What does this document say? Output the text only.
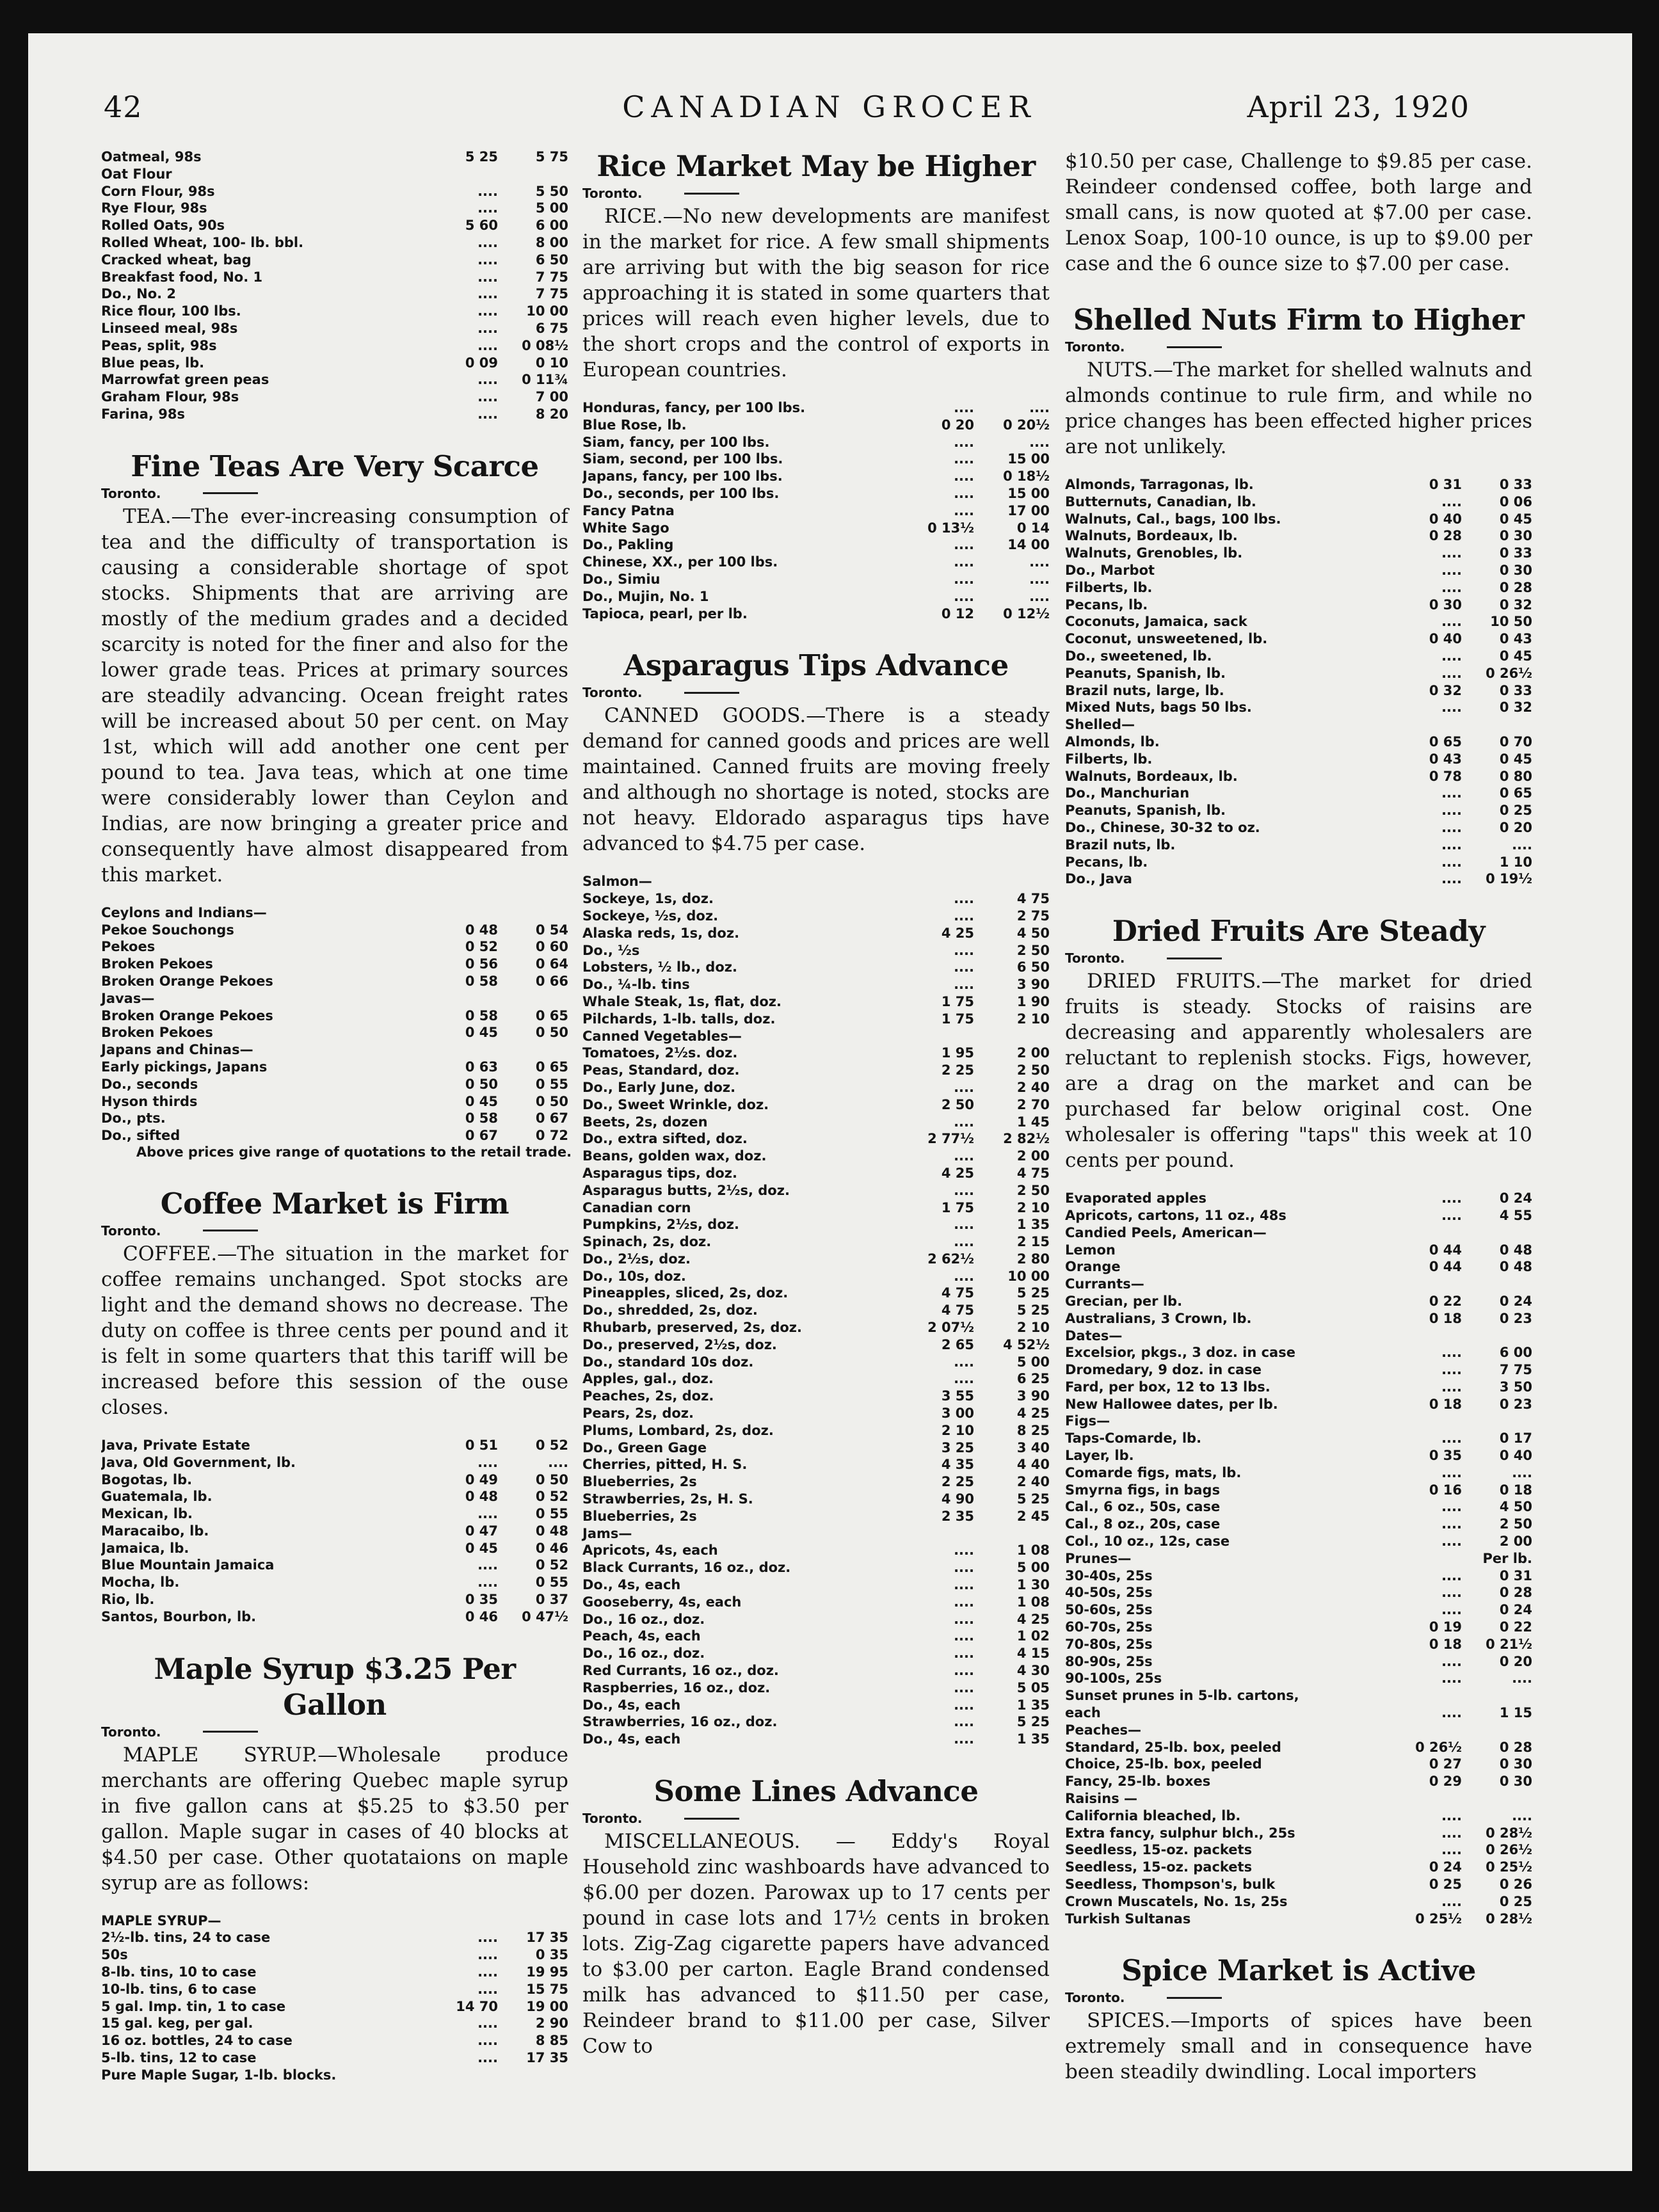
42	CANADIAN GROCER	April 23, 1920
Oatmeal, 98s	5 25	5 75
Oat Flour		
Corn Flour, 98s	....	5 50
Rye Flour, 98s	....	5 00
Rolled Oats, 90s	5 60	6 00
Rolled Wheat, 100- lb. bbl.	....	8 00
Cracked wheat, bag	....	6 50
Breakfast food, No. 1	....	7 75
Do., No. 2	....	7 75
Rice flour, 100 lbs.	....	10 00
Linseed meal, 98s	....	6 75
Peas, split, 98s	....	0 08½
Blue peas, lb.	0 09	0 10
Marrowfat green peas	....	0 11¾
Graham Flour, 98s	....	7 00
Farina, 98s	....	8 20
Fine Teas Are Very Scarce
Toronto.

TEA.—The ever-increasing consumption of tea and the difficulty of transportation is causing a considerable shortage of spot stocks. Shipments that are arriving are mostly of the medium grades and a decided scarcity is noted for the finer and also for the lower grade teas. Prices at primary sources are steadily advancing. Ocean freight rates will be increased about 50 per cent. on May 1st, which will add another one cent per pound to tea. Java teas, which at one time were considerably lower than Ceylon and Indias, are now bringing a greater price and consequently have almost disappeared from this market.

Ceylons and Indians—		
Pekoe Souchongs	0 48	0 54
Pekoes	0 52	0 60
Broken Pekoes	0 56	0 64
Broken Orange Pekoes	0 58	0 66
Javas—		
Broken Orange Pekoes	0 58	0 65
Broken Pekoes	0 45	0 50
Japans and Chinas—		
Early pickings, Japans	0 63	0 65
Do., seconds	0 50	0 55
Hyson thirds	0 45	0 50
Do., pts.	0 58	0 67
Do., sifted	0 67	0 72
Above prices give range of quotations to the retail trade.
Coffee Market is Firm
Toronto.

COFFEE.—The situation in the market for coffee remains unchanged. Spot stocks are light and the demand shows no decrease. The duty on coffee is three cents per pound and it is felt in some quarters that this tariff will be increased before this session of the ouse closes.

Java, Private Estate	0 51	0 52
Java, Old Government, lb.	....	....
Bogotas, lb.	0 49	0 50
Guatemala, lb.	0 48	0 52
Mexican, lb.	....	0 55
Maracaibo, lb.	0 47	0 48
Jamaica, lb.	0 45	0 46
Blue Mountain Jamaica	....	0 52
Mocha, lb.	....	0 55
Rio, lb.	0 35	0 37
Santos, Bourbon, lb.	0 46	0 47½
Maple Syrup $3.25 Per Gallon
Toronto.

MAPLE SYRUP.—Wholesale produce merchants are offering Quebec maple syrup in five gallon cans at $5.25 to $3.50 per gallon. Maple sugar in cases of 40 blocks at $4.50 per case. Other quotataions on maple syrup are as follows:

MAPLE SYRUP—		
2½-lb. tins, 24 to case	....	17 35
50s	....	0 35
8-lb. tins, 10 to case	....	19 95
10-lb. tins, 6 to case	....	15 75
5 gal. Imp. tin, 1 to case	14 70	19 00
15 gal. keg, per gal.	....	2 90
16 oz. bottles, 24 to case	....	8 85
5-lb. tins, 12 to case	....	17 35
Pure Maple Sugar, 1-lb. blocks.		
Rice Market May be Higher
Toronto.

RICE.—No new developments are manifest in the market for rice. A few small shipments are arriving but with the big season for rice approaching it is stated in some quarters that prices will reach even higher levels, due to the short crops and the control of exports in European countries.

Honduras, fancy, per 100 lbs.	....	....
Blue Rose, lb.	0 20	0 20½
Siam, fancy, per 100 lbs.	....	....
Siam, second, per 100 lbs.	....	15 00
Japans, fancy, per 100 lbs.	....	0 18½
Do., seconds, per 100 lbs.	....	15 00
Fancy Patna	....	17 00
White Sago	0 13½	0 14
Do., Pakling	....	14 00
Chinese, XX., per 100 lbs.	....	....
Do., Simiu	....	....
Do., Mujin, No. 1	....	....
Tapioca, pearl, per lb.	0 12	0 12½
Asparagus Tips Advance
Toronto.

CANNED GOODS.—There is a steady demand for canned goods and prices are well maintained. Canned fruits are moving freely and although no shortage is noted, stocks are not heavy. Eldorado asparagus tips have advanced to $4.75 per case.

Salmon—		
Sockeye, 1s, doz.	....	4 75
Sockeye, ½s, doz.	....	2 75
Alaska reds, 1s, doz.	4 25	4 50
Do., ½s	....	2 50
Lobsters, ½ lb., doz.	....	6 50
Do., ¼-lb. tins	....	3 90
Whale Steak, 1s, flat, doz.	1 75	1 90
Pilchards, 1-lb. talls, doz.	1 75	2 10
Canned Vegetables—		
Tomatoes, 2½s. doz.	1 95	2 00
Peas, Standard, doz.	2 25	2 50
Do., Early June, doz.	....	2 40
Do., Sweet Wrinkle, doz.	2 50	2 70
Beets, 2s, dozen	....	1 45
Do., extra sifted, doz.	2 77½	2 82½
Beans, golden wax, doz.	....	2 00
Asparagus tips, doz.	4 25	4 75
Asparagus butts, 2½s, doz.	....	2 50
Canadian corn	1 75	2 10
Pumpkins, 2½s, doz.	....	1 35
Spinach, 2s, doz.	....	2 15
Do., 2½s, doz.	2 62½	2 80
Do., 10s, doz.	....	10 00
Pineapples, sliced, 2s, doz.	4 75	5 25
Do., shredded, 2s, doz.	4 75	5 25
Rhubarb, preserved, 2s, doz.	2 07½	2 10
Do., preserved, 2½s, doz.	2 65	4 52½
Do., standard 10s doz.	....	5 00
Apples, gal., doz.	....	6 25
Peaches, 2s, doz.	3 55	3 90
Pears, 2s, doz.	3 00	4 25
Plums, Lombard, 2s, doz.	2 10	8 25
Do., Green Gage	3 25	3 40
Cherries, pitted, H. S.	4 35	4 40
Blueberries, 2s	2 25	2 40
Strawberries, 2s, H. S.	4 90	5 25
Blueberries, 2s	2 35	2 45
Jams—		
Apricots, 4s, each	....	1 08
Black Currants, 16 oz., doz.	....	5 00
Do., 4s, each	....	1 30
Gooseberry, 4s, each	....	1 08
Do., 16 oz., doz.	....	4 25
Peach, 4s, each	....	1 02
Do., 16 oz., doz.	....	4 15
Red Currants, 16 oz., doz.	....	4 30
Raspberries, 16 oz., doz.	....	5 05
Do., 4s, each	....	1 35
Strawberries, 16 oz., doz.	....	5 25
Do., 4s, each	....	1 35
Some Lines Advance
Toronto.

MISCELLANEOUS. — Eddy's Royal Household zinc washboards have advanced to $6.00 per dozen. Parowax up to 17 cents per pound in case lots and 17½ cents in broken lots. Zig-Zag cigarette papers have advanced to $3.00 per carton. Eagle Brand condensed milk has advanced to $11.50 per case, Reindeer brand to $11.00 per case, Silver Cow to

$10.50 per case, Challenge to $9.85 per case. Reindeer condensed coffee, both large and small cans, is now quoted at $7.00 per case. Lenox Soap, 100-10 ounce, is up to $9.00 per case and the 6 ounce size to $7.00 per case.

Shelled Nuts Firm to Higher
Toronto.

NUTS.—The market for shelled walnuts and almonds continue to rule firm, and while no price changes has been effected higher prices are not unlikely.

Almonds, Tarragonas, lb.	0 31	0 33
Butternuts, Canadian, lb.	....	0 06
Walnuts, Cal., bags, 100 lbs.	0 40	0 45
Walnuts, Bordeaux, lb.	0 28	0 30
Walnuts, Grenobles, lb.	....	0 33
Do., Marbot	....	0 30
Filberts, lb.	....	0 28
Pecans, lb.	0 30	0 32
Coconuts, Jamaica, sack	....	10 50
Coconut, unsweetened, lb.	0 40	0 43
Do., sweetened, lb.	....	0 45
Peanuts, Spanish, lb.	....	0 26½
Brazil nuts, large, lb.	0 32	0 33
Mixed Nuts, bags 50 lbs.	....	0 32
Shelled—		
Almonds, lb.	0 65	0 70
Filberts, lb.	0 43	0 45
Walnuts, Bordeaux, lb.	0 78	0 80
Do., Manchurian	....	0 65
Peanuts, Spanish, lb.	....	0 25
Do., Chinese, 30-32 to oz.	....	0 20
Brazil nuts, lb.	....	....
Pecans, lb.	....	1 10
Do., Java	....	0 19½
Dried Fruits Are Steady
Toronto.

DRIED FRUITS.—The market for dried fruits is steady. Stocks of raisins are decreasing and apparently wholesalers are reluctant to replenish stocks. Figs, however, are a drag on the market and can be purchased far below original cost. One wholesaler is offering "taps" this week at 10 cents per pound.

Evaporated apples	....	0 24
Apricots, cartons, 11 oz., 48s	....	4 55
Candied Peels, American—		
Lemon	0 44	0 48
Orange	0 44	0 48
Currants—		
Grecian, per lb.	0 22	0 24
Australians, 3 Crown, lb.	0 18	0 23
Dates—		
Excelsior, pkgs., 3 doz. in case	....	6 00
Dromedary, 9 doz. in case	....	7 75
Fard, per box, 12 to 13 lbs.	....	3 50
New Hallowee dates, per lb.	0 18	0 23
Figs—		
Taps-Comarde, lb.	....	0 17
Layer, lb.	0 35	0 40
Comarde figs, mats, lb.	....	....
Smyrna figs, in bags	0 16	0 18
Cal., 6 oz., 50s, case	....	4 50
Cal., 8 oz., 20s, case	....	2 50
Col., 10 oz., 12s, case	....	2 00
Prunes—		Per lb.
30-40s, 25s	....	0 31
40-50s, 25s	....	0 28
50-60s, 25s	....	0 24
60-70s, 25s	0 19	0 22
70-80s, 25s	0 18	0 21½
80-90s, 25s	....	0 20
90-100s, 25s	....	....
Sunset prunes in 5-lb. cartons,		
each	....	1 15
Peaches—		
Standard, 25-lb. box, peeled	0 26½	0 28
Choice, 25-lb. box, peeled	0 27	0 30
Fancy, 25-lb. boxes	0 29	0 30
Raisins —		
California bleached, lb.	....	....
Extra fancy, sulphur blch., 25s	....	0 28½
Seedless, 15-oz. packets	....	0 26½
Seedless, 15-oz. packets	0 24	0 25½
Seedless, Thompson's, bulk	0 25	0 26
Crown Muscatels, No. 1s, 25s	....	0 25
Turkish Sultanas	0 25½	0 28½
Spice Market is Active
Toronto.

SPICES.—Imports of spices have been extremely small and in consequence have been steadily dwindling. Local importers
